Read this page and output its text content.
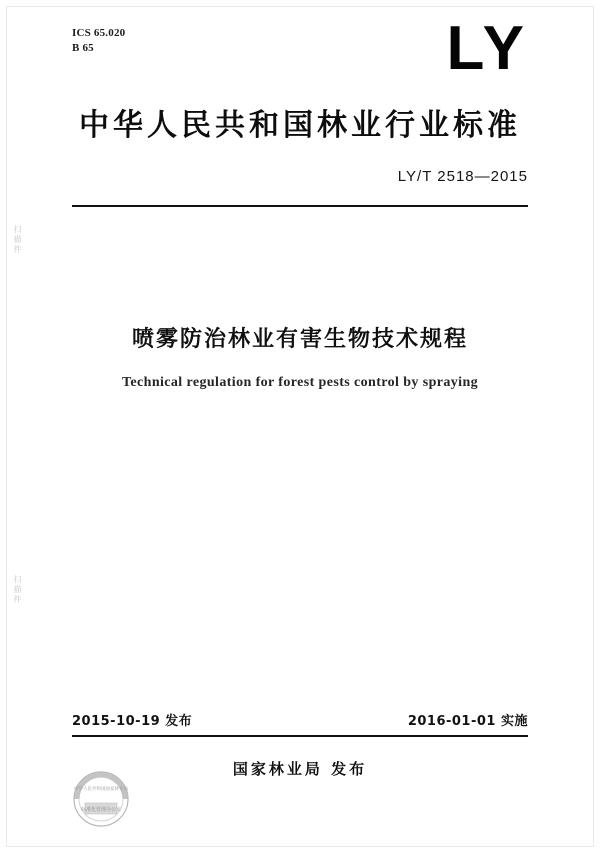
ICS 65.020
B 65	LY
中华人民共和国林业行业标准
LY/T 2518—2015
喷雾防治林业有害生物技术规程
Technical regulation for forest pests control by spraying
扫描件
扫描件
2015-10-19 发布	2016-01-01 实施
国家林业局 发布
标准化管理办公室
中华人民共和国国家林业局
